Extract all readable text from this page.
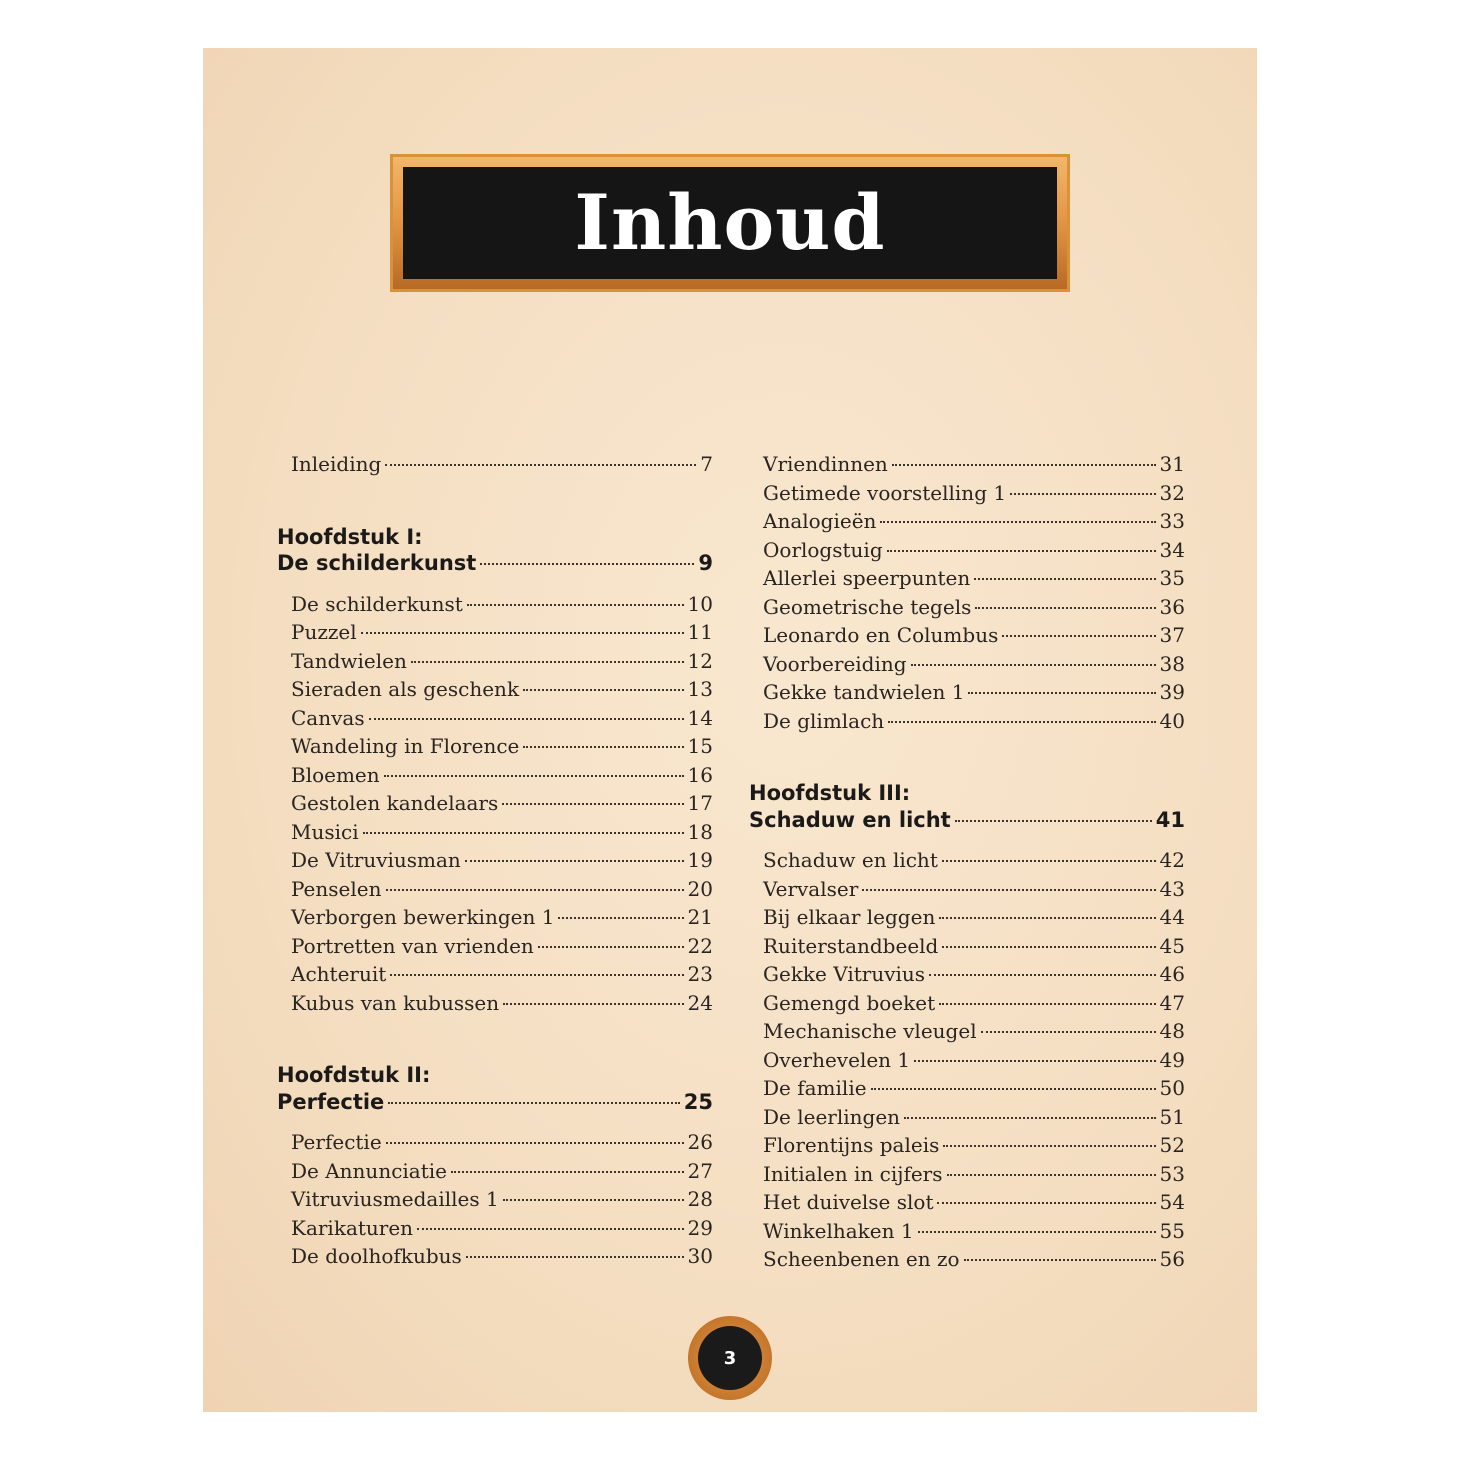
Inhoud
Inleiding	7
Hoofdstuk I:
De schilderkunst	9
De schilderkunst	10
Puzzel	11
Tandwielen	12
Sieraden als geschenk	13
Canvas	14
Wandeling in Florence	15
Bloemen	16
Gestolen kandelaars	17
Musici	18
De Vitruviusman	19
Penselen	20
Verborgen bewerkingen 1	21
Portretten van vrienden	22
Achteruit	23
Kubus van kubussen	24
Hoofdstuk II:
Perfectie	25
Perfectie	26
De Annunciatie	27
Vitruviusmedailles 1	28
Karikaturen	29
De doolhofkubus	30
Vriendinnen	31
Getimede voorstelling 1	32
Analogieën	33
Oorlogstuig	34
Allerlei speerpunten	35
Geometrische tegels	36
Leonardo en Columbus	37
Voorbereiding	38
Gekke tandwielen 1	39
De glimlach	40
Hoofdstuk III:
Schaduw en licht	41
Schaduw en licht	42
Vervalser	43
Bij elkaar leggen	44
Ruiterstandbeeld	45
Gekke Vitruvius	46
Gemengd boeket	47
Mechanische vleugel	48
Overhevelen 1	49
De familie	50
De leerlingen	51
Florentijns paleis	52
Initialen in cijfers	53
Het duivelse slot	54
Winkelhaken 1	55
Scheenbenen en zo	56
3
